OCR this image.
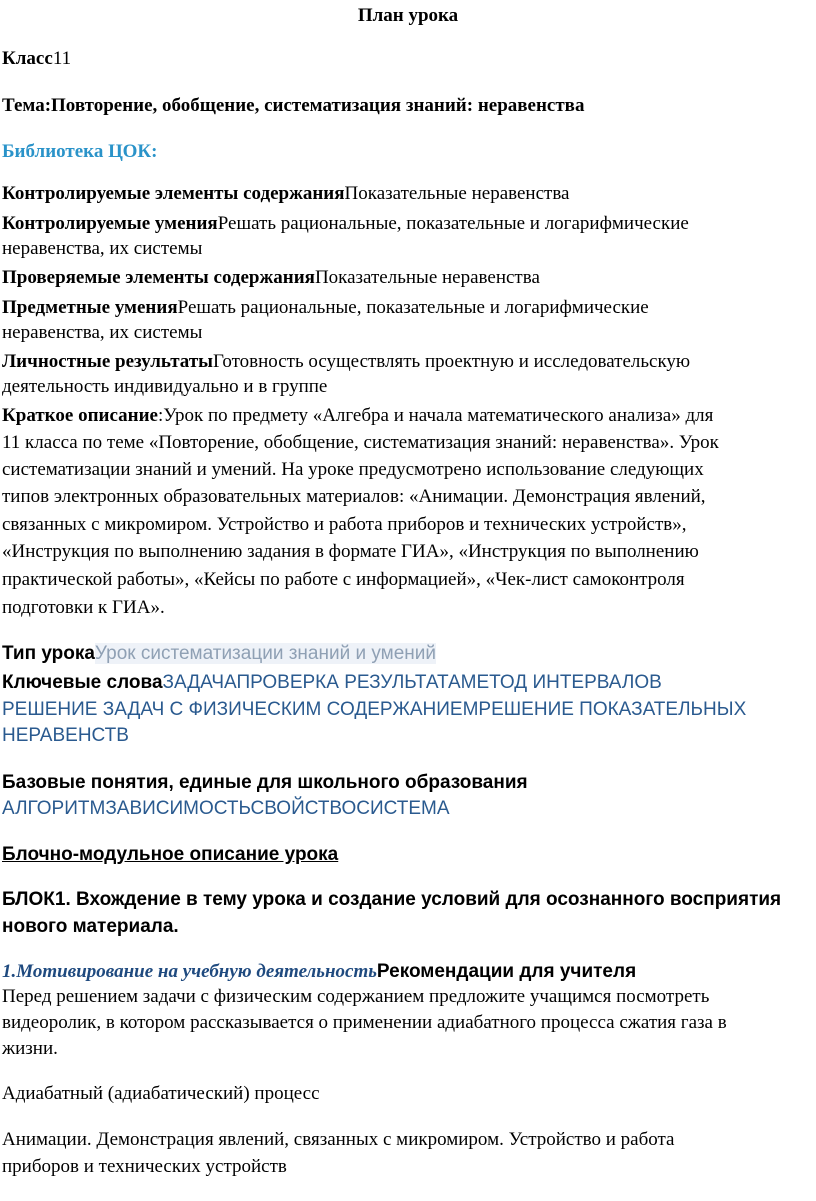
План урока
Класс11
Тема:Повторение, обобщение, систематизация знаний: неравенства
Библиотека ЦОК:
Контролируемые элементы содержанияПоказательные неравенства
Контролируемые уменияРешать рациональные, показательные и логарифмические
неравенства, их системы
Проверяемые элементы содержанияПоказательные неравенства
Предметные уменияРешать рациональные, показательные и логарифмические
неравенства, их системы
Личностные результатыГотовность осуществлять проектную и исследовательскую
деятельность индивидуально и в группе
Краткое описание:Урок по предмету «Алгебра и начала математического анализа» для
11 класса по теме «Повторение, обобщение, систематизация знаний: неравенства». Урок
систематизации знаний и умений. На уроке предусмотрено использование следующих
типов электронных образовательных материалов: «Анимации. Демонстрация явлений,
связанных с микромиром. Устройство и работа приборов и технических устройств»,
«Инструкция по выполнению задания в формате ГИА», «Инструкция по выполнению
практической работы», «Кейсы по работе с информацией», «Чек-лист самоконтроля
подготовки к ГИА».
Тип урокаУрок систематизации знаний и умений
Ключевые словаЗАДАЧАПРОВЕРКА РЕЗУЛЬТАТАМЕТОД ИНТЕРВАЛОВ
РЕШЕНИЕ ЗАДАЧ С ФИЗИЧЕСКИМ СОДЕРЖАНИЕМРЕШЕНИЕ ПОКАЗАТЕЛЬНЫХ
НЕРАВЕНСТВ
Базовые понятия, единые для школьного образования
АЛГОРИТМЗАВИСИМОСТЬСВОЙСТВОСИСТЕМА
Блочно-модульное описание урока
БЛОК1. Вхождение в тему урока и создание условий для осознанного восприятия
нового материала.
1.Мотивирование на учебную деятельностьРекомендации для учителя
Перед решением задачи с физическим содержанием предложите учащимся посмотреть
видеоролик, в котором рассказывается о применении адиабатного процесса сжатия газа в
жизни.
Адиабатный (адиабатический) процесс
Анимации. Демонстрация явлений, связанных с микромиром. Устройство и работа
приборов и технических устройств
